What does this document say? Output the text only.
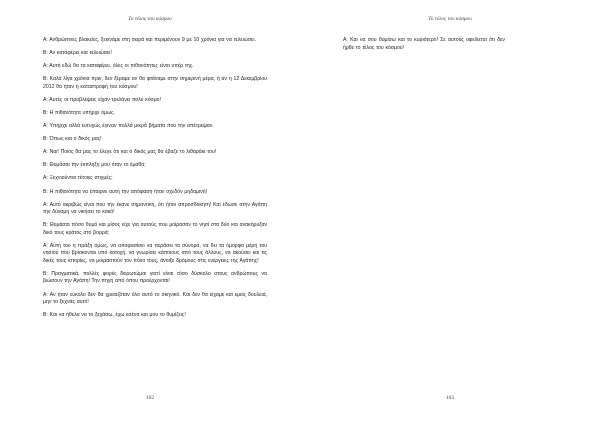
Το τέλος του κόσμου

Α: Ανθρώπινες βλακείες, ξεκινάμε στη σειρά και περιμένουν 9 με 10 χρόνια για να τελειώσει.

Β: Αν καταφέρει και τελειώσει!

Α: Αυτή εδώ θα τα καταφέρει, όλες οι πιθανότητες είναι υπέρ της.

Β: Καλά λίγα χρόνια πριν, δεν ξέραμε αν θα φτάναμε στην σημερινή μέρα, ή αν η 12 Δεκεμβρίου 2012 θα ήταν η καταστροφή του κόσμου!

Α: Αυτές οι προβλέψεις είχαν τρελάνει πολύ κόσμο!

Β: Η πιθανότητα υπήρχε όμως.

Α: Υπήρχε αλλά ευτυχώς έγιναν πολλά μικρά βήματα που την απέτρεψαν.

Β: Όπως και ο δικός μας!

Α: Ναι! Ποιος θα μας το έλεγε ότι και ο δικός μας θα έβαζε το λιθαράκι του!

Β: Θυμάσαι την έκπληξη μου όταν το έμαθα;

Α: Ξεχνιούνται τέτοιες στιγμές;

Β: Η πιθανότητα να έπαιρνε αυτή την απόφαση ήταν σχεδόν μηδαμινή!

Α: Αυτό ακριβώς είναι που την έκανε σημαντική, ότι ήταν απροσδόκητη! Και έδωσε στην Αγάπη την δύναμη να νικήσει το κακό!

Β: Θυμάσαι πόσο θυμό και μίσος είχε για αυτούς που μοίρασαν το νησί στα δύο και ανακήρυξαν δικό τους κράτος στο βορρά;

Α: Αυτή του η πράξη όμως, να αποφασίσει να περάσει τα σύνορα, να δει τα όμορφα μέρη του νησιού που βρίσκονται υπό κατοχή, να γνωρίσει κάποιους από τους άλλους, να ακούσει και τις δικές τους ιστορίες, να μοιραστούν τον πόνο τους, άνοιξε δρόμους στις ενέργειες της Αγάπης!

Β: Πραγματικά, πολλές φορές διερωτώμαι γιατί είναι τόσο δύσκολο στους ανθρώπους να βιώσουν την Αγάπη! Την πηγή από όπου προέρχονται!

Α: Αν ήταν εύκολο δεν θα χρειαζόταν όλο αυτό το σκηνικό. Και δεν θα είχαμε και εμείς δουλειά, μην το ξεχνάς αυτό!

Β: Και να ήθελα να το ξεχάσω, έχω εσένα και μου το θυμίζεις!

102
Το τέλος του κόσμου

Α: Και να σου θυμίσω και το κυριότερο! Σε αυτούς οφείλεται ότι δεν ήρθε το τέλος του κόσμου!

103
